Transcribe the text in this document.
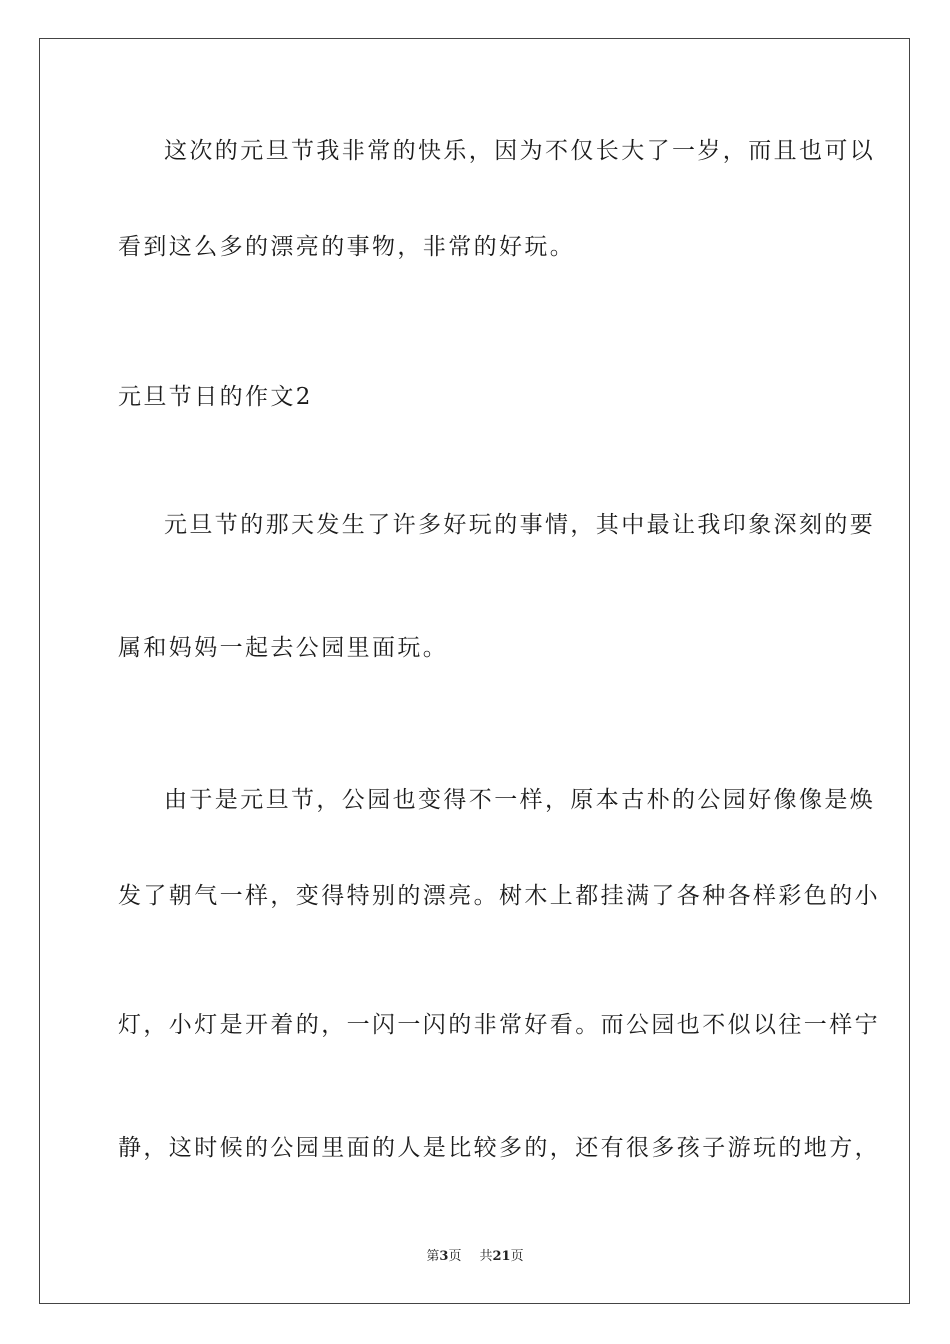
这次的元旦节我非常的快乐，因为不仅长大了一岁，而且也可以
看到这么多的漂亮的事物，非常的好玩。
元旦节日的作文2
元旦节的那天发生了许多好玩的事情，其中最让我印象深刻的要
属和妈妈一起去公园里面玩。
由于是元旦节，公园也变得不一样，原本古朴的公园好像像是焕
发了朝气一样，变得特别的漂亮。树木上都挂满了各种各样彩色的小
灯，小灯是开着的，一闪一闪的非常好看。而公园也不似以往一样宁
静，这时候的公园里面的人是比较多的，还有很多孩子游玩的地方，
第3页 共21页
